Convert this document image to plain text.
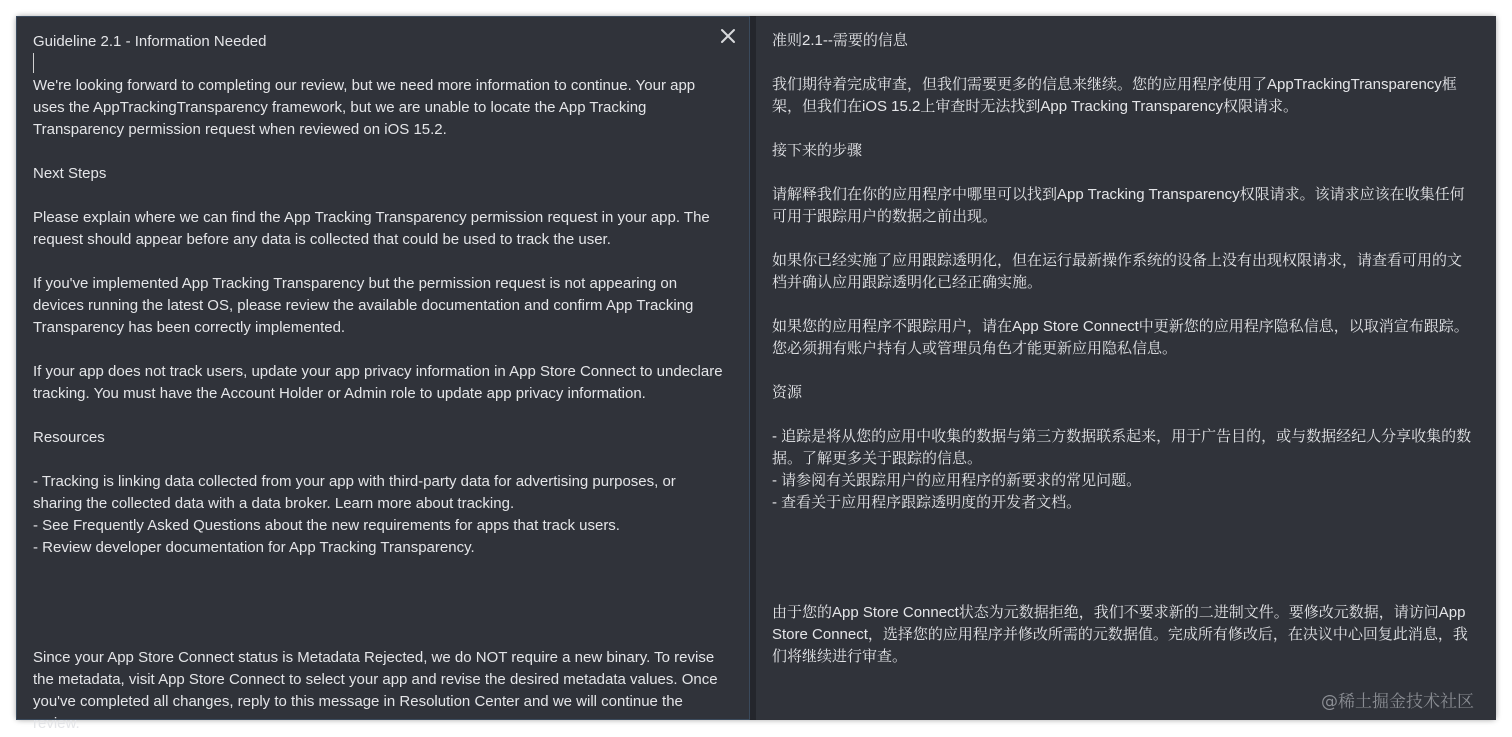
Guideline 2.1 - Information Needed

We're looking forward to completing our review, but we need more information to continue. Your app uses the AppTrackingTransparency framework, but we are unable to locate the App Tracking Transparency permission request when reviewed on iOS 15.2.

Next Steps

Please explain where we can find the App Tracking Transparency permission request in your app. The request should appear before any data is collected that could be used to track the user.

If you've implemented App Tracking Transparency but the permission request is not appearing on devices running the latest OS, please review the available documentation and confirm App Tracking Transparency has been correctly implemented.

If your app does not track users, update your app privacy information in App Store Connect to undeclare tracking. You must have the Account Holder or Admin role to update app privacy information.

Resources

- Tracking is linking data collected from your app with third-party data for advertising purposes, or sharing the collected data with a data broker. Learn more about tracking.

- See Frequently Asked Questions about the new requirements for apps that track users.

- Review developer documentation for App Tracking Transparency.

Since your App Store Connect status is Metadata Rejected, we do NOT require a new binary. To revise the metadata, visit App Store Connect to select your app and revise the desired metadata values. Once you've completed all changes, reply to this message in Resolution Center and we will continue the review.

准则2.1--需要的信息

我们期待着完成审查，但我们需要更多的信息来继续。您的应用程序使用了AppTrackingTransparency框架，但我们在iOS 15.2上审查时无法找到App Tracking Transparency权限请求。

接下来的步骤

请解释我们在你的应用程序中哪里可以找到App Tracking Transparency权限请求。该请求应该在收集任何可用于跟踪用户的数据之前出现。

如果你已经实施了应用跟踪透明化，但在运行最新操作系统的设备上没有出现权限请求，请查看可用的文档并确认应用跟踪透明化已经正确实施。

如果您的应用程序不跟踪用户，请在App Store Connect中更新您的应用程序隐私信息，以取消宣布跟踪。您必须拥有账户持有人或管理员角色才能更新应用隐私信息。

资源

- 追踪是将从您的应用中收集的数据与第三方数据联系起来，用于广告目的，或与数据经纪人分享收集的数据。了解更多关于跟踪的信息。

- 请参阅有关跟踪用户的应用程序的新要求的常见问题。

- 查看关于应用程序跟踪透明度的开发者文档。

由于您的App Store Connect状态为元数据拒绝，我们不要求新的二进制文件。要修改元数据，请访问App Store Connect，选择您的应用程序并修改所需的元数据值。完成所有修改后，在决议中心回复此消息，我们将继续进行审查。

@稀土掘金技术社区
